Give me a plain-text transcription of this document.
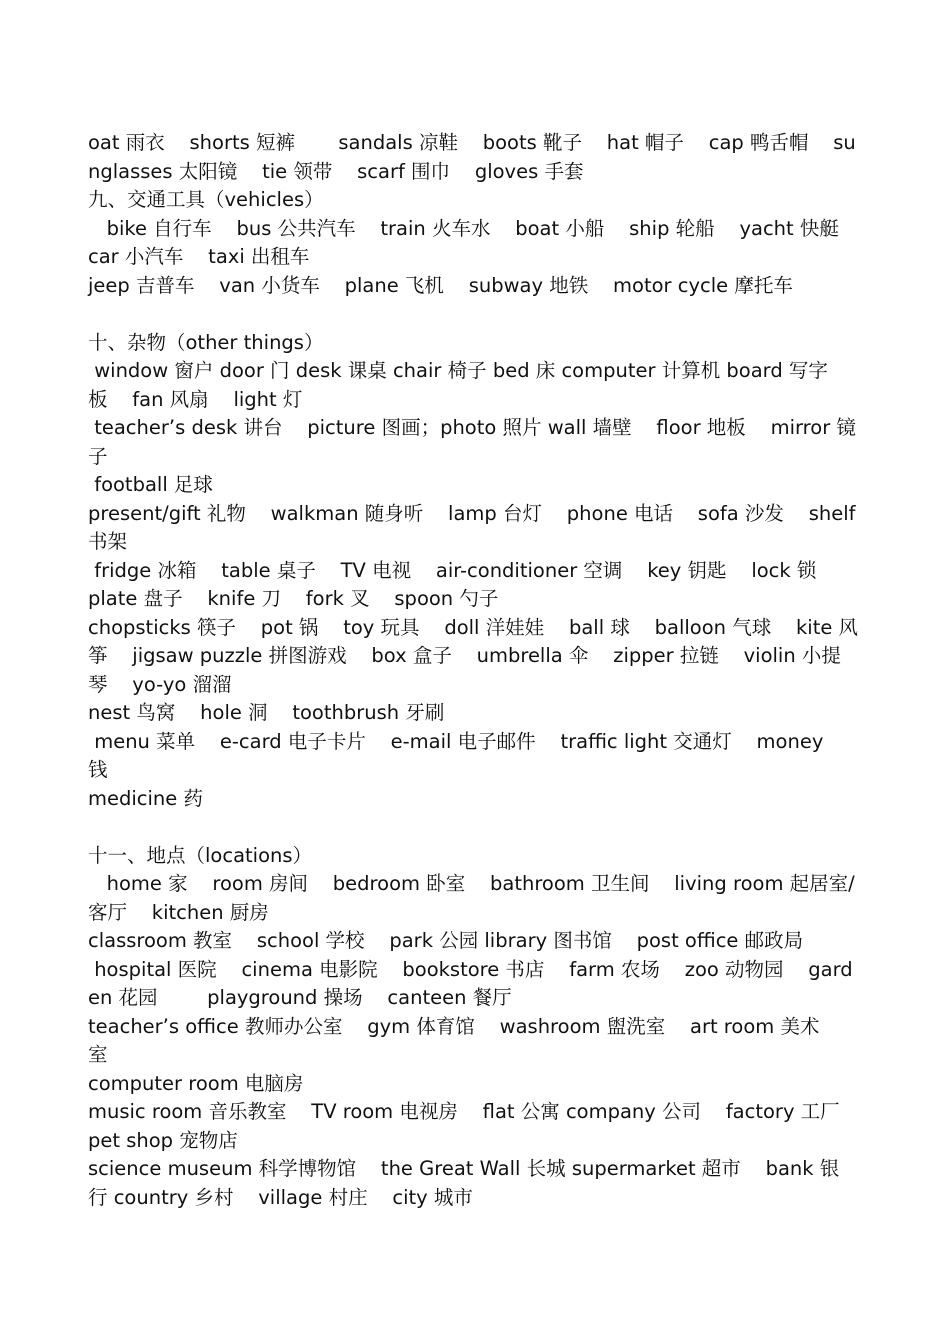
oat 雨衣    shorts 短裤       sandals 凉鞋    boots 靴子    hat 帽子    cap 鸭舌帽    su
nglasses 太阳镜    tie 领带    scarf 围巾    gloves 手套
九、交通工具（vehicles）
bike 自行车    bus 公共汽车    train 火车水    boat 小船    ship 轮船    yacht 快艇
car 小汽车    taxi 出租车
jeep 吉普车    van 小货车    plane 飞机    subway 地铁    motor cycle 摩托车
十、杂物（other things）
window 窗户 door 门 desk 课桌 chair 椅子 bed 床 computer 计算机 board 写字
板    fan 风扇    light 灯
teacher’s desk 讲台    picture 图画；photo 照片 wall 墙壁    floor 地板    mirror 镜
子
football 足球
present/gift 礼物    walkman 随身听    lamp 台灯    phone 电话    sofa 沙发    shelf
书架
fridge 冰箱    table 桌子    TV 电视    air-conditioner 空调    key 钥匙    lock 锁
plate 盘子    knife 刀    fork 叉    spoon 勺子
chopsticks 筷子    pot 锅    toy 玩具    doll 洋娃娃    ball 球    balloon 气球    kite 风
筝    jigsaw puzzle 拼图游戏    box 盒子    umbrella 伞    zipper 拉链    violin 小提
琴    yo-yo 溜溜
nest 鸟窝    hole 洞    toothbrush 牙刷
menu 菜单    e-card 电子卡片    e-mail 电子邮件    traffic light 交通灯    money
钱
medicine 药
十一、地点（locations）
home 家    room 房间    bedroom 卧室    bathroom 卫生间    living room 起居室/
客厅    kitchen 厨房
classroom 教室    school 学校    park 公园 library 图书馆    post office 邮政局
hospital 医院    cinema 电影院    bookstore 书店    farm 农场    zoo 动物园    gard
en 花园        playground 操场    canteen 餐厅
teacher’s office 教师办公室    gym 体育馆    washroom 盥洗室    art room 美术
室
computer room 电脑房
music room 音乐教室    TV room 电视房    flat 公寓 company 公司    factory 工厂
pet shop 宠物店
science museum 科学博物馆    the Great Wall 长城 supermarket 超市    bank 银
行 country 乡村    village 村庄    city 城市
